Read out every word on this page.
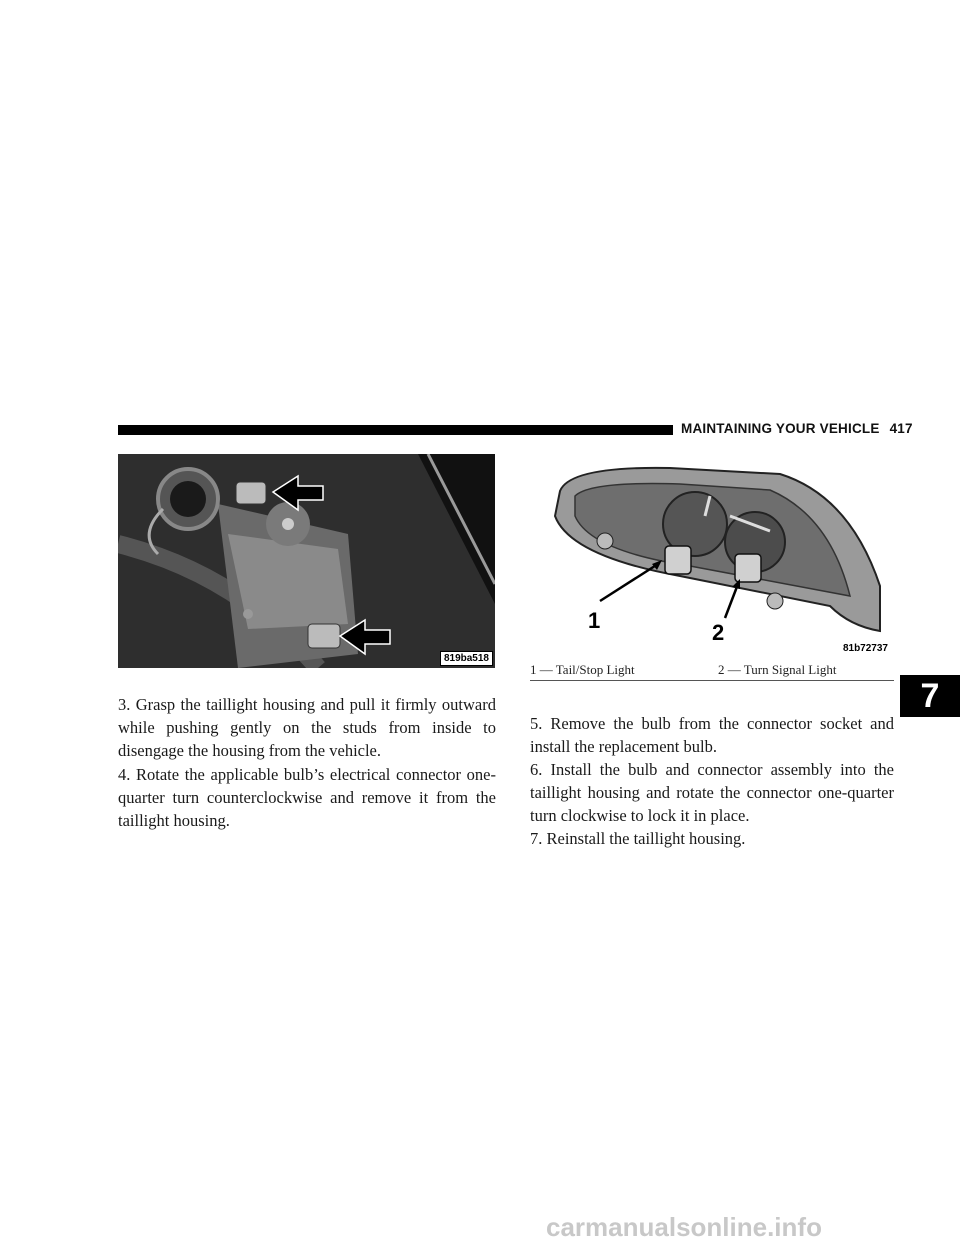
MAINTAINING YOUR VEHICLE 417
819ba518
1	2
81b72737
1 — Tail/Stop Light	2 — Turn Signal Light

3. Grasp the taillight housing and pull it firmly outward while pushing gently on the studs from inside to disengage the housing from the vehicle.

4. Rotate the applicable bulb’s electrical connector one-quarter turn counterclockwise and remove it from the taillight housing.

5. Remove the bulb from the connector socket and install the replacement bulb.

6. Install the bulb and connector assembly into the taillight housing and rotate the connector one-quarter turn clockwise to lock it in place.

7. Reinstall the taillight housing.

7
carmanualsonline.info
